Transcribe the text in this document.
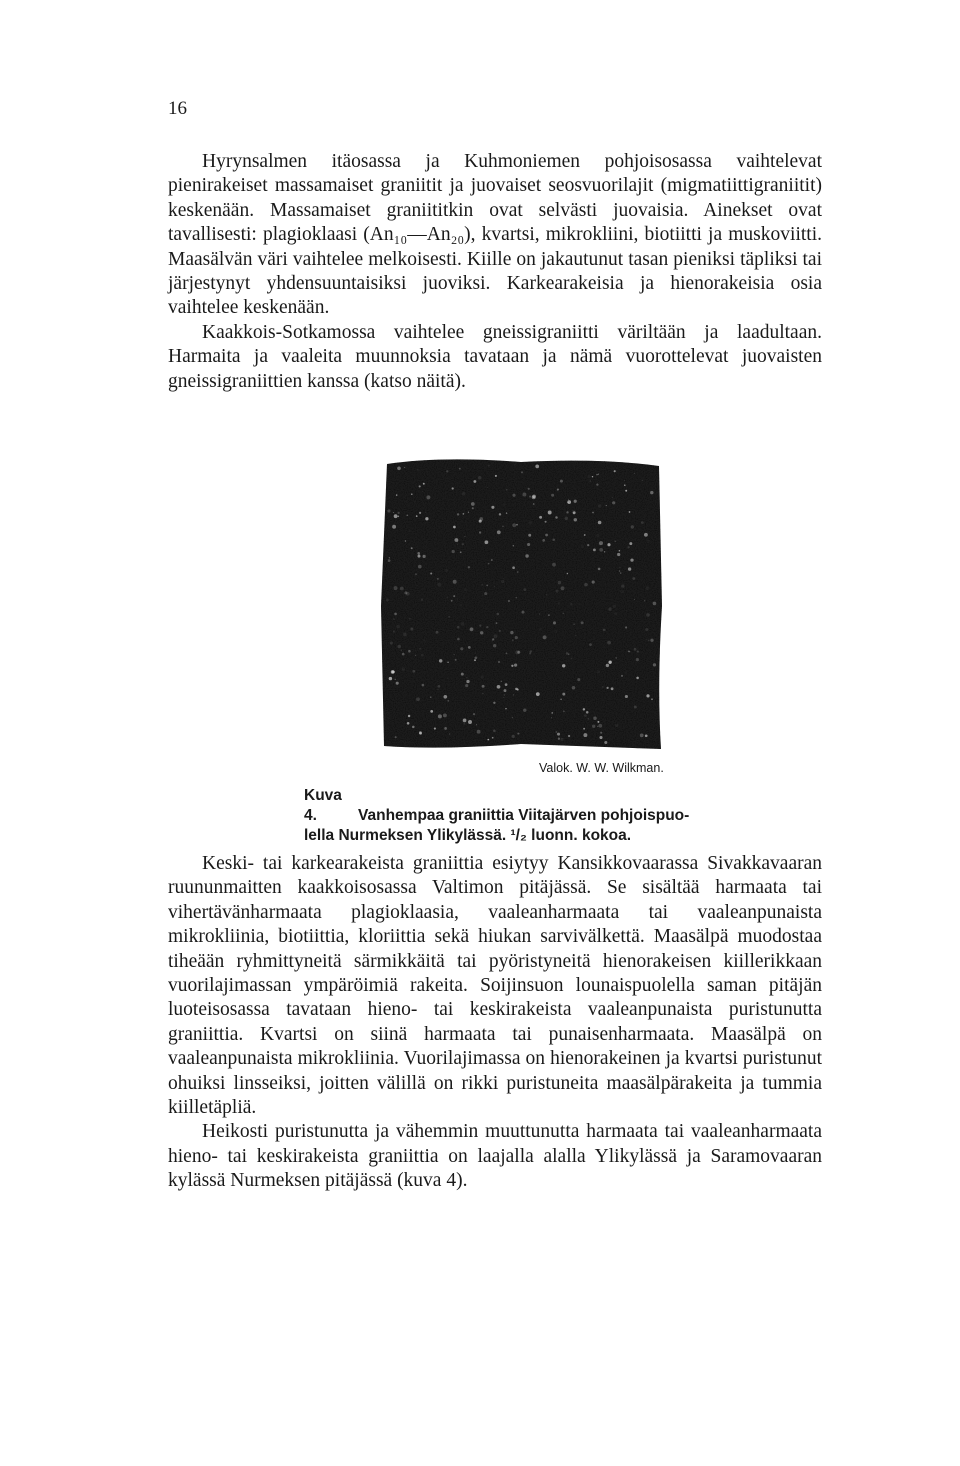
16

Hyrynsalmen itäosassa ja Kuhmoniemen pohjoisosassa vaihtelevat pienirakeiset massamaiset graniitit ja juovaiset seosvuorilajit (migmatiittigraniitit) keskenään. Massamaiset graniititkin ovat selvästi juovaisia. Ainekset ovat tavallisesti: plagioklaasi (An₁₀—An₂₀), kvartsi, mikrokliini, biotiitti ja muskoviitti. Maasälvän väri vaihtelee melkoisesti. Kiille on jakautunut tasan pieniksi täpliksi tai järjestynyt yhdensuuntaisiksi juoviksi. Karkearakeisia ja hienorakeisia osia vaihtelee keskenään.

Kaakkois-Sotkamossa vaihtelee gneissigraniitti väriltään ja laadultaan. Harmaita ja vaaleita muunnoksia tavataan ja nämä vuorottelevat juovaisten gneissigraniittien kanssa (katso näitä).

Valok. W. W. Wilkman.
Kuva 4.	Vanhempaa graniittia Viitajärven pohjoispuo-
lella Nurmeksen Ylikylässä. ¹/₂ luonn. kokoa.

Keski- tai karkearakeista graniittia esiytyy Kansikkovaarassa Sivakkavaaran ruununmaitten kaakkoisosassa Valtimon pitäjässä. Se sisältää harmaata tai vihertävänharmaata plagioklaasia, vaaleanharmaata tai vaaleanpunaista mikrokliinia, biotiittia, kloriittia sekä hiukan sarvivälkettä. Maasälpä muodostaa tiheään ryhmittyneitä särmikkäitä tai pyöristyneitä hienorakeisen kiillerikkaan vuorilajimassan ympäröimiä rakeita. Soijinsuon lounaispuolella saman pitäjän luoteisosassa tavataan hieno- tai keskirakeista vaaleanpunaista puristunutta graniittia. Kvartsi on siinä harmaata tai punaisenharmaata. Maasälpä on vaaleanpunaista mikrokliinia. Vuorilajimassa on hienorakeinen ja kvartsi puristunut ohuiksi linsseiksi, joitten välillä on rikki puristuneita maasälpärakeita ja tummia kiilletäpliä.

Heikosti puristunutta ja vähemmin muuttunutta harmaata tai vaaleanharmaata hieno- tai keskirakeista graniittia on laajalla alalla Ylikylässä ja Saramovaaran kylässä Nurmeksen pitäjässä (kuva 4).
